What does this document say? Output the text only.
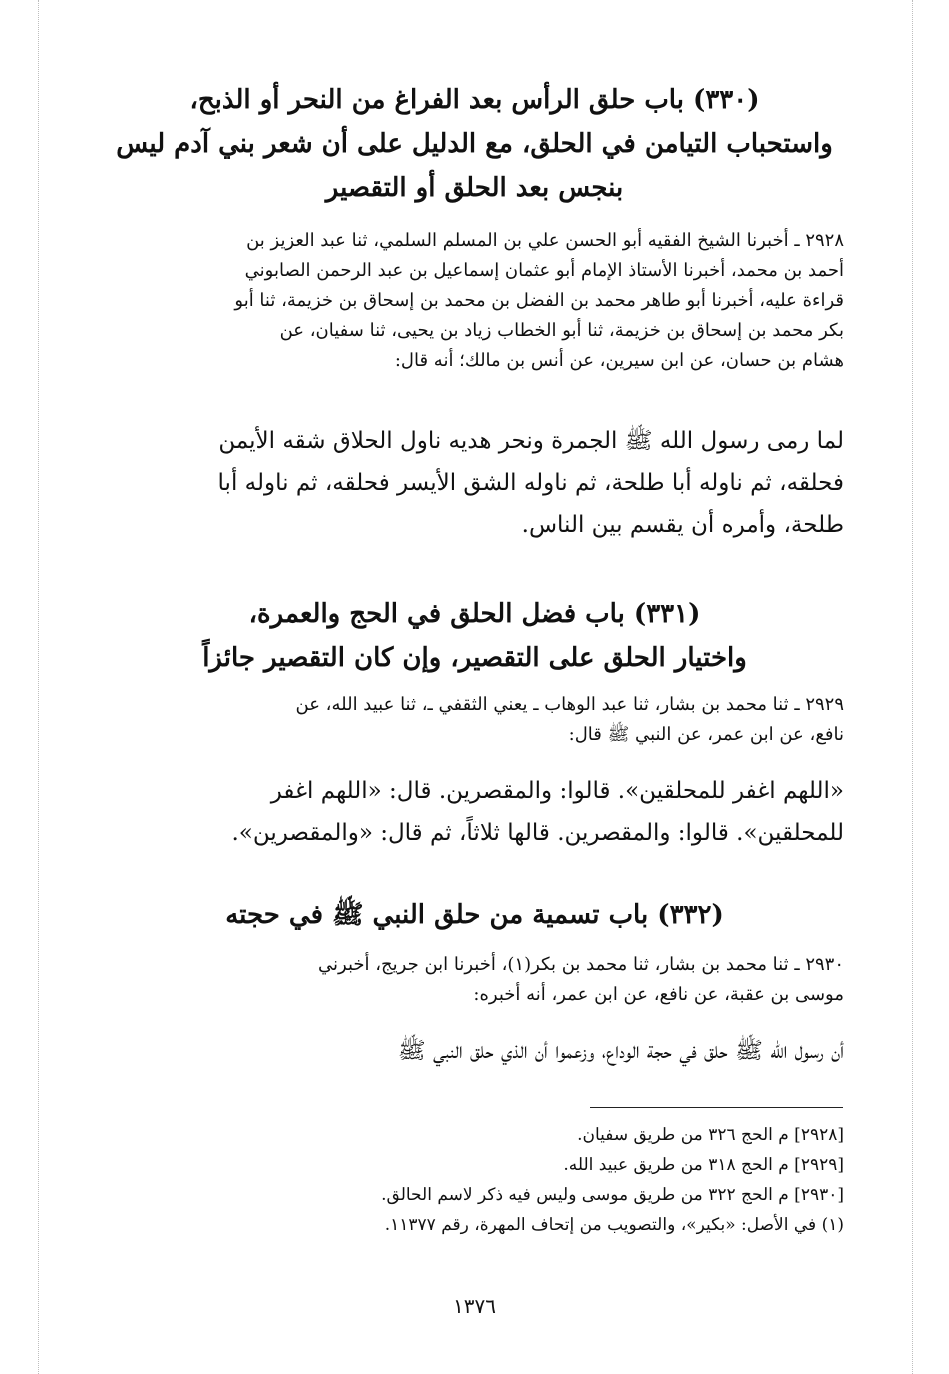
(٣٣٠) باب حلق الرأس بعد الفراغ من النحر أو الذبح،
واستحباب التيامن في الحلق، مع الدليل على أن شعر بني آدم ليس
بنجس بعد الحلق أو التقصير
٢٩٢٨ ـ أخبرنا الشيخ الفقيه أبو الحسن علي بن المسلم السلمي، ثنا عبد العزيز بن
أحمد بن محمد، أخبرنا الأستاذ الإمام أبو عثمان إسماعيل بن عبد الرحمن الصابوني
قراءة عليه، أخبرنا أبو طاهر محمد بن الفضل بن محمد بن إسحاق بن خزيمة، ثنا أبو
بكر محمد بن إسحاق بن خزيمة، ثنا أبو الخطاب زياد بن يحيى، ثنا سفيان، عن
هشام بن حسان، عن ابن سيرين، عن أنس بن مالك؛ أنه قال:
لما رمى رسول الله ﷺ الجمرة ونحر هديه ناول الحلاق شقه الأيمن
فحلقه، ثم ناوله أبا طلحة، ثم ناوله الشق الأيسر فحلقه، ثم ناوله أبا
طلحة، وأمره أن يقسم بين الناس.
(٣٣١) باب فضل الحلق في الحج والعمرة،
واختيار الحلق على التقصير، وإن كان التقصير جائزاً
٢٩٢٩ ـ ثنا محمد بن بشار، ثنا عبد الوهاب ـ يعني الثقفي ـ، ثنا عبيد الله، عن
نافع، عن ابن عمر، عن النبي ﷺ قال:
«اللهم اغفر للمحلقين». قالوا: والمقصرين. قال: «اللهم اغفر
للمحلقين». قالوا: والمقصرين. قالها ثلاثاً، ثم قال: «والمقصرين».
(٣٣٢) باب تسمية من حلق النبي ﷺ في حجته
٢٩٣٠ ـ ثنا محمد بن بشار، ثنا محمد بن بكر(١)، أخبرنا ابن جريج، أخبرني
موسى بن عقبة، عن نافع، عن ابن عمر، أنه أخبره:
أن رسول الله ﷺ حلق في حجة الوداع، وزعموا أن الذي حلق النبي ﷺ
[٢٩٢٨] م الحج ٣٢٦ من طريق سفيان.
[٢٩٢٩] م الحج ٣١٨ من طريق عبيد الله.
[٢٩٣٠] م الحج ٣٢٢ من طريق موسى وليس فيه ذكر لاسم الحالق.
(١) في الأصل: «بكير»، والتصويب من إتحاف المهرة، رقم ١١٣٧٧.
١٣٧٦
